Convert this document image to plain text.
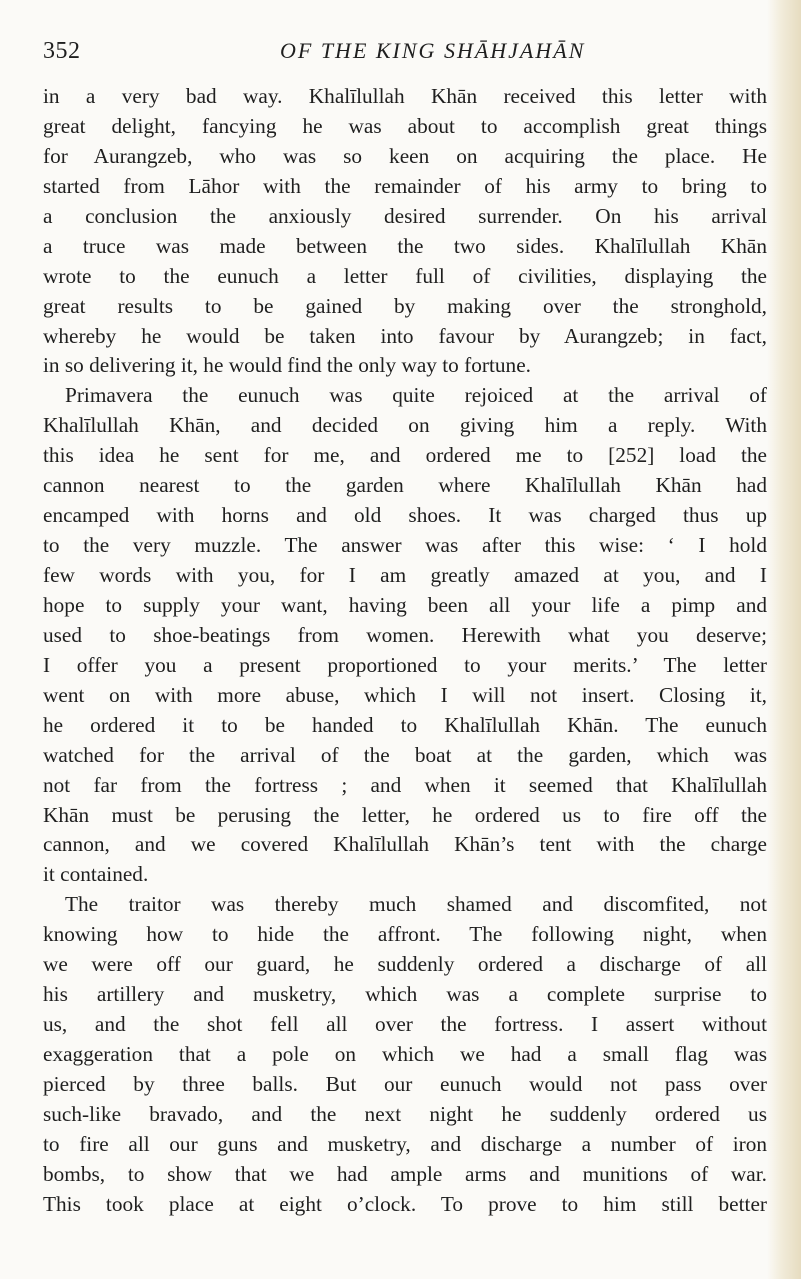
352	OF THE KING SHĀHJAHĀN
in a very bad way. Khalīlullah Khān received this letter with
great delight, fancying he was about to accomplish great things
for Aurangzeb, who was so keen on acquiring the place. He
started from Lāhor with the remainder of his army to bring to
a conclusion the anxiously desired surrender. On his arrival
a truce was made between the two sides. Khalīlullah Khān
wrote to the eunuch a letter full of civilities, displaying the
great results to be gained by making over the stronghold,
whereby he would be taken into favour by Aurangzeb; in fact,
in so delivering it, he would find the only way to fortune.
Primavera the eunuch was quite rejoiced at the arrival of
Khalīlullah Khān, and decided on giving him a reply. With
this idea he sent for me, and ordered me to [252] load the
cannon nearest to the garden where Khalīlullah Khān had
encamped with horns and old shoes. It was charged thus up
to the very muzzle. The answer was after this wise: ‘ I hold
few words with you, for I am greatly amazed at you, and I
hope to supply your want, having been all your life a pimp and
used to shoe-beatings from women. Herewith what you deserve;
I offer you a present proportioned to your merits.’ The letter
went on with more abuse, which I will not insert. Closing it,
he ordered it to be handed to Khalīlullah Khān. The eunuch
watched for the arrival of the boat at the garden, which was
not far from the fortress ; and when it seemed that Khalīlullah
Khān must be perusing the letter, he ordered us to fire off the
cannon, and we covered Khalīlullah Khān’s tent with the charge
it contained.
The traitor was thereby much shamed and discomfited, not
knowing how to hide the affront. The following night, when
we were off our guard, he suddenly ordered a discharge of all
his artillery and musketry, which was a complete surprise to
us, and the shot fell all over the fortress. I assert without
exaggeration that a pole on which we had a small flag was
pierced by three balls. But our eunuch would not pass over
such-like bravado, and the next night he suddenly ordered us
to fire all our guns and musketry, and discharge a number of iron
bombs, to show that we had ample arms and munitions of war.
This took place at eight o’clock. To prove to him still better
